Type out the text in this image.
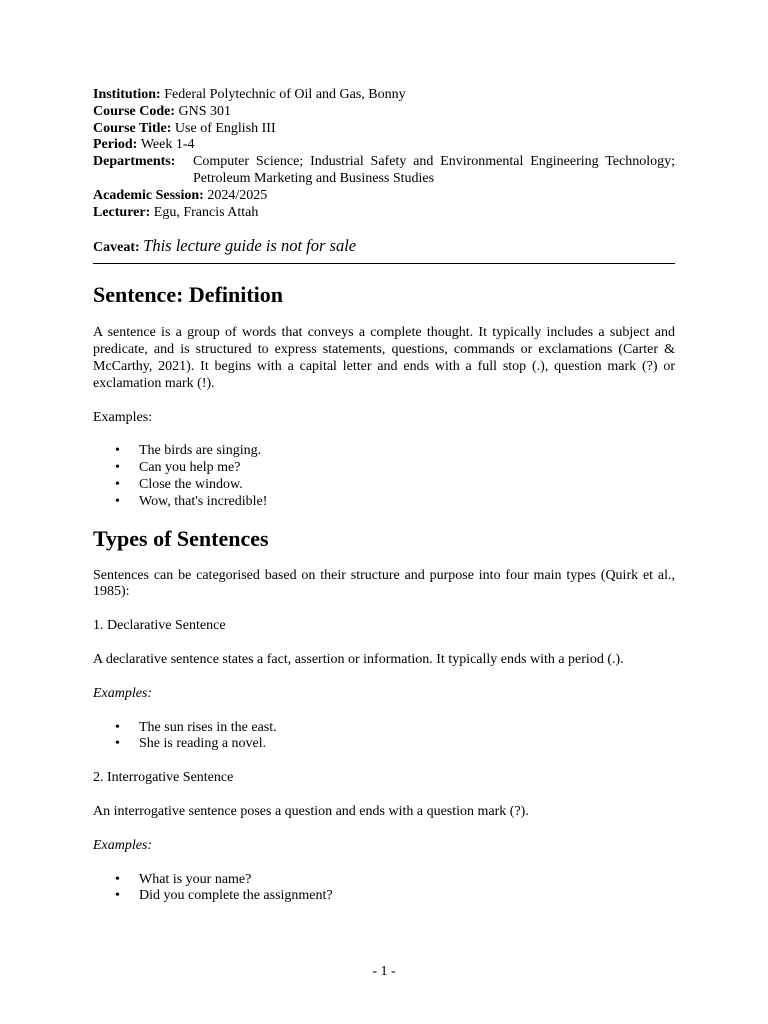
Institution:
Federal Polytechnic of Oil and Gas, Bonny
Course Code:
GNS 301
Course Title:
Use of English III
Period:
Week 1-4
Departments:	Computer Science; Industrial Safety and Environmental Engineering Technology; Petroleum Marketing and Business Studies
Academic Session:
2024/2025
Lecturer:
Egu, Francis Attah
Caveat: This lecture guide is not for sale
Sentence: Definition

A sentence is a group of words that conveys a complete thought. It typically includes a subject and predicate, and is structured to express statements, questions, commands or exclamations (Carter & McCarthy, 2021). It begins with a capital letter and ends with a full stop (.), question mark (?) or exclamation mark (!).

Examples:

• The birds are singing.
• Can you help me?
• Close the window.
• Wow, that's incredible!
Types of Sentences

Sentences can be categorised based on their structure and purpose into four main types (Quirk et al., 1985):

1. Declarative Sentence

A declarative sentence states a fact, assertion or information. It typically ends with a period (.).

Examples:

• The sun rises in the east.
• She is reading a novel.

2. Interrogative Sentence

An interrogative sentence poses a question and ends with a question mark (?).

Examples:

• What is your name?
• Did you complete the assignment?
- 1 -
